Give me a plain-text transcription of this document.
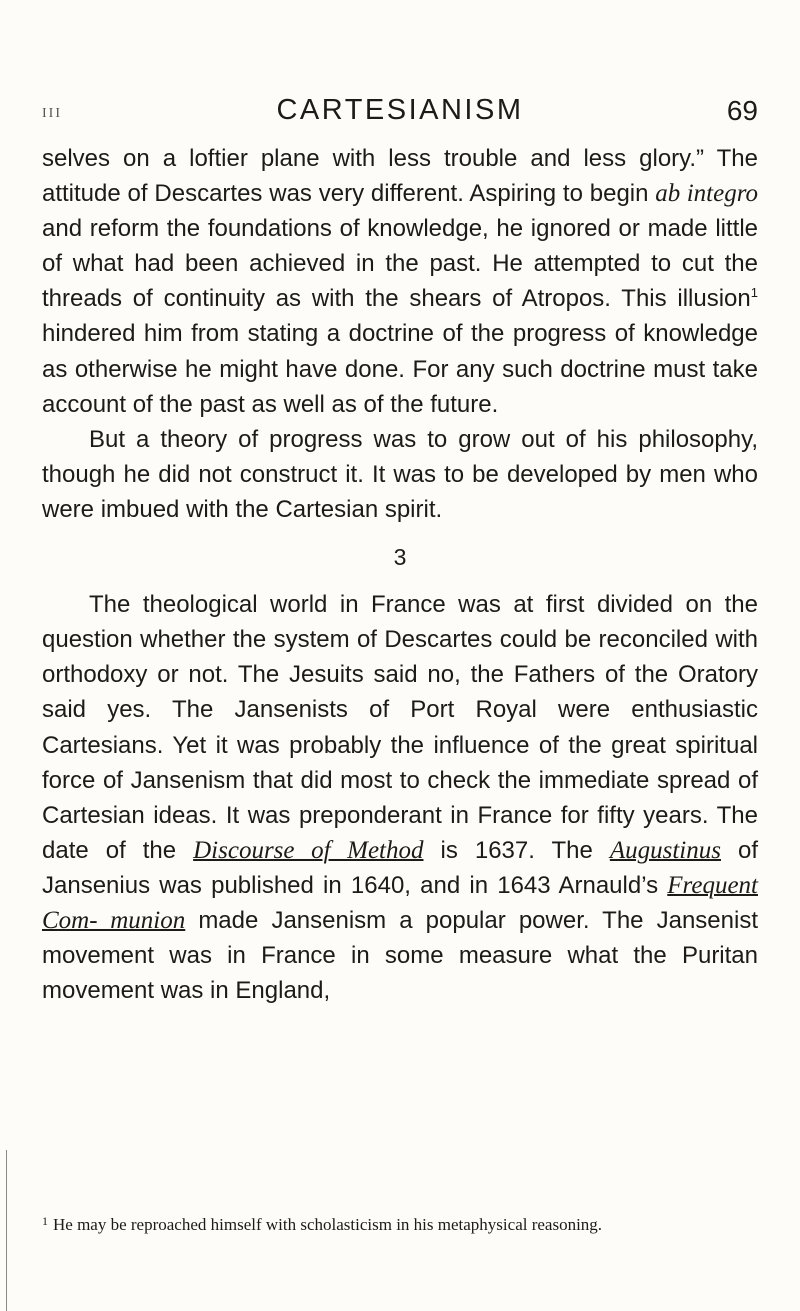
III	CARTESIANISM	69

selves on a loftier plane with less trouble and less glory.” The attitude of Descartes was very different. Aspiring to begin ab integro and reform the foundations of knowledge, he ignored or made little of what had been achieved in the past. He attempted to cut the threads of continuity as with the shears of Atropos. This illusion$^1$ hindered him from stating a doctrine of the progress of knowledge as otherwise he might have done. For any such doctrine must take account of the past as well as of the future.

But a theory of progress was to grow out of his philosophy, though he did not construct it. It was to be developed by men who were imbued with the Cartesian spirit.

3

The theological world in France was at first divided on the question whether the system of Descartes could be reconciled with orthodoxy or not. The Jesuits said no, the Fathers of the Oratory said yes. The Jansenists of Port Royal were enthusiastic Cartesians. Yet it was probably the influence of the great spiritual force of Jansenism that did most to check the immediate spread of Cartesian ideas. It was preponderant in France for fifty years. The date of the Discourse of Method is 1637. The Augustinus of Jansenius was published in 1640, and in 1643 Arnauld’s Frequent Com- munion made Jansenism a popular power. The Jansenist movement was in France in some measure what the Puritan movement was in England,

$^1$ He may be reproached himself with scholasticism in his metaphysical reasoning.
